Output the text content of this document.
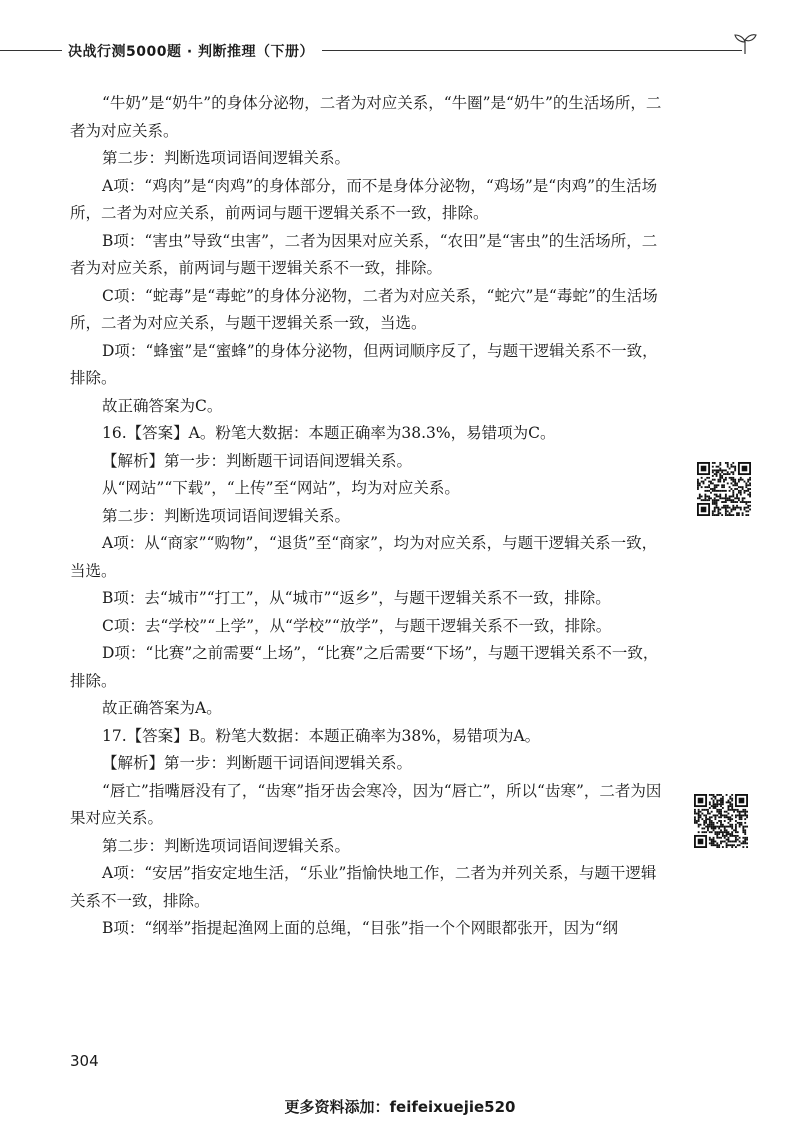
决战行测5000题 · 判断推理（下册）

“牛奶”是“奶牛”的身体分泌物，二者为对应关系，“牛圈”是“奶牛”的生活场所，二者为对应关系。

第二步：判断选项词语间逻辑关系。

A项：“鸡肉”是“肉鸡”的身体部分，而不是身体分泌物，“鸡场”是“肉鸡”的生活场所，二者为对应关系，前两词与题干逻辑关系不一致，排除。

B项：“害虫”导致“虫害”，二者为因果对应关系，“农田”是“害虫”的生活场所，二者为对应关系，前两词与题干逻辑关系不一致，排除。

C项：“蛇毒”是“毒蛇”的身体分泌物，二者为对应关系，“蛇穴”是“毒蛇”的生活场所，二者为对应关系，与题干逻辑关系一致，当选。

D项：“蜂蜜”是“蜜蜂”的身体分泌物，但两词顺序反了，与题干逻辑关系不一致，排除。

故正确答案为C。

16.【答案】A。粉笔大数据：本题正确率为38.3%，易错项为C。

【解析】第一步：判断题干词语间逻辑关系。

从“网站”“下载”，“上传”至“网站”，均为对应关系。

第二步：判断选项词语间逻辑关系。

A项：从“商家”“购物”，“退货”至“商家”，均为对应关系，与题干逻辑关系一致，当选。

B项：去“城市”“打工”，从“城市”“返乡”，与题干逻辑关系不一致，排除。

C项：去“学校”“上学”，从“学校”“放学”，与题干逻辑关系不一致，排除。

D项：“比赛”之前需要“上场”，“比赛”之后需要“下场”，与题干逻辑关系不一致，排除。

故正确答案为A。

17.【答案】B。粉笔大数据：本题正确率为38%，易错项为A。

【解析】第一步：判断题干词语间逻辑关系。

“唇亡”指嘴唇没有了，“齿寒”指牙齿会寒冷，因为“唇亡”，所以“齿寒”，二者为因果对应关系。

第二步：判断选项词语间逻辑关系。

A项：“安居”指安定地生活，“乐业”指愉快地工作，二者为并列关系，与题干逻辑关系不一致，排除。

B项：“纲举”指提起渔网上面的总绳，“目张”指一个个网眼都张开，因为“纲

304
更多资料添加：feifeixuejie520
